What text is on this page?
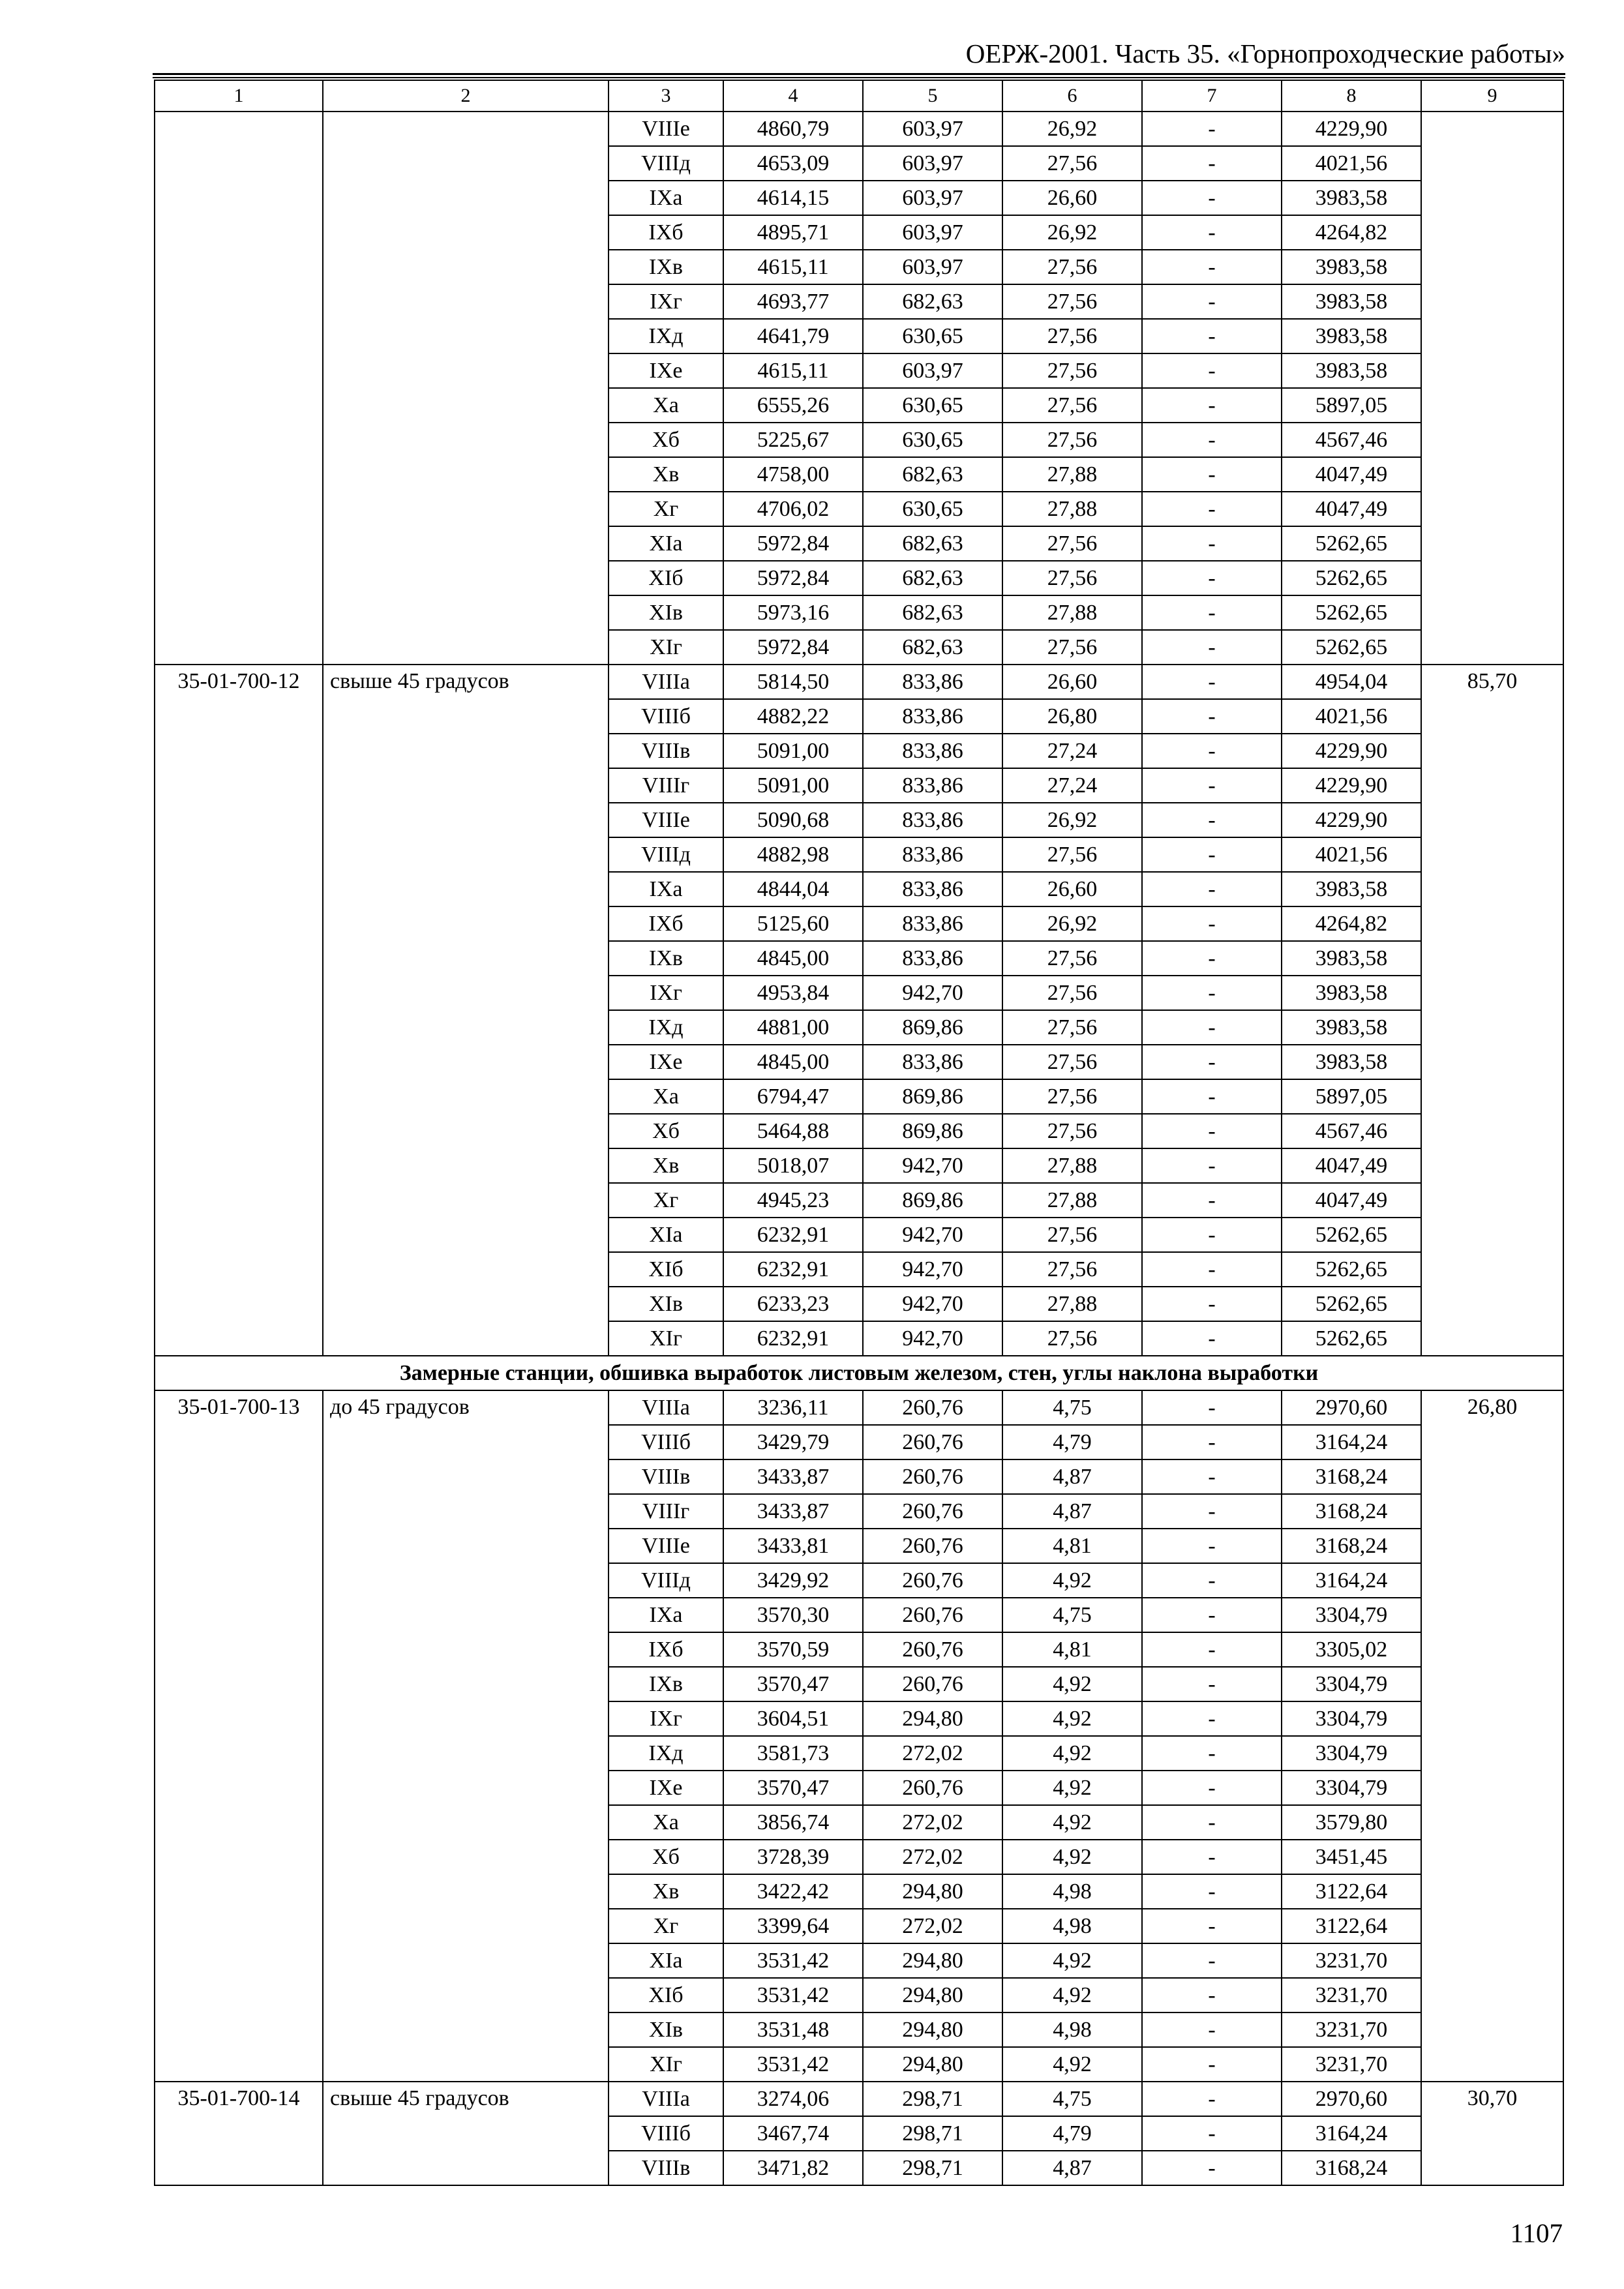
ОЕРЖ-2001. Часть 35. «Горнопроходческие работы»
1	2	3	4	5	6	7	8	9
		VIIIе	4860,79	603,97	26,92	-	4229,90	
		VIIIд	4653,09	603,97	27,56	-	4021,56	
		IXа	4614,15	603,97	26,60	-	3983,58	
		IXб	4895,71	603,97	26,92	-	4264,82	
		IXв	4615,11	603,97	27,56	-	3983,58	
		IXг	4693,77	682,63	27,56	-	3983,58	
		IXд	4641,79	630,65	27,56	-	3983,58	
		IXе	4615,11	603,97	27,56	-	3983,58	
		Xа	6555,26	630,65	27,56	-	5897,05	
		Xб	5225,67	630,65	27,56	-	4567,46	
		Xв	4758,00	682,63	27,88	-	4047,49	
		Xг	4706,02	630,65	27,88	-	4047,49	
		XIа	5972,84	682,63	27,56	-	5262,65	
		XIб	5972,84	682,63	27,56	-	5262,65	
		XIв	5973,16	682,63	27,88	-	5262,65	
		XIг	5972,84	682,63	27,56	-	5262,65	
35-01-700-12	свыше 45 градусов	VIIIа	5814,50	833,86	26,60	-	4954,04	85,70
		VIIIб	4882,22	833,86	26,80	-	4021,56	
		VIIIв	5091,00	833,86	27,24	-	4229,90	
		VIIIг	5091,00	833,86	27,24	-	4229,90	
		VIIIе	5090,68	833,86	26,92	-	4229,90	
		VIIIд	4882,98	833,86	27,56	-	4021,56	
		IXа	4844,04	833,86	26,60	-	3983,58	
		IXб	5125,60	833,86	26,92	-	4264,82	
		IXв	4845,00	833,86	27,56	-	3983,58	
		IXг	4953,84	942,70	27,56	-	3983,58	
		IXд	4881,00	869,86	27,56	-	3983,58	
		IXе	4845,00	833,86	27,56	-	3983,58	
		Xа	6794,47	869,86	27,56	-	5897,05	
		Xб	5464,88	869,86	27,56	-	4567,46	
		Xв	5018,07	942,70	27,88	-	4047,49	
		Xг	4945,23	869,86	27,88	-	4047,49	
		XIа	6232,91	942,70	27,56	-	5262,65	
		XIб	6232,91	942,70	27,56	-	5262,65	
		XIв	6233,23	942,70	27,88	-	5262,65	
		XIг	6232,91	942,70	27,56	-	5262,65	
Замерные станции, обшивка выработок листовым железом, стен, углы наклона выработки								
35-01-700-13	до 45 градусов	VIIIа	3236,11	260,76	4,75	-	2970,60	26,80
		VIIIб	3429,79	260,76	4,79	-	3164,24	
		VIIIв	3433,87	260,76	4,87	-	3168,24	
		VIIIг	3433,87	260,76	4,87	-	3168,24	
		VIIIе	3433,81	260,76	4,81	-	3168,24	
		VIIIд	3429,92	260,76	4,92	-	3164,24	
		IXа	3570,30	260,76	4,75	-	3304,79	
		IXб	3570,59	260,76	4,81	-	3305,02	
		IXв	3570,47	260,76	4,92	-	3304,79	
		IXг	3604,51	294,80	4,92	-	3304,79	
		IXд	3581,73	272,02	4,92	-	3304,79	
		IXе	3570,47	260,76	4,92	-	3304,79	
		Xа	3856,74	272,02	4,92	-	3579,80	
		Xб	3728,39	272,02	4,92	-	3451,45	
		Xв	3422,42	294,80	4,98	-	3122,64	
		Xг	3399,64	272,02	4,98	-	3122,64	
		XIа	3531,42	294,80	4,92	-	3231,70	
		XIб	3531,42	294,80	4,92	-	3231,70	
		XIв	3531,48	294,80	4,98	-	3231,70	
		XIг	3531,42	294,80	4,92	-	3231,70	
35-01-700-14	свыше 45 градусов	VIIIа	3274,06	298,71	4,75	-	2970,60	30,70
		VIIIб	3467,74	298,71	4,79	-	3164,24	
		VIIIв	3471,82	298,71	4,87	-	3168,24	
1107
